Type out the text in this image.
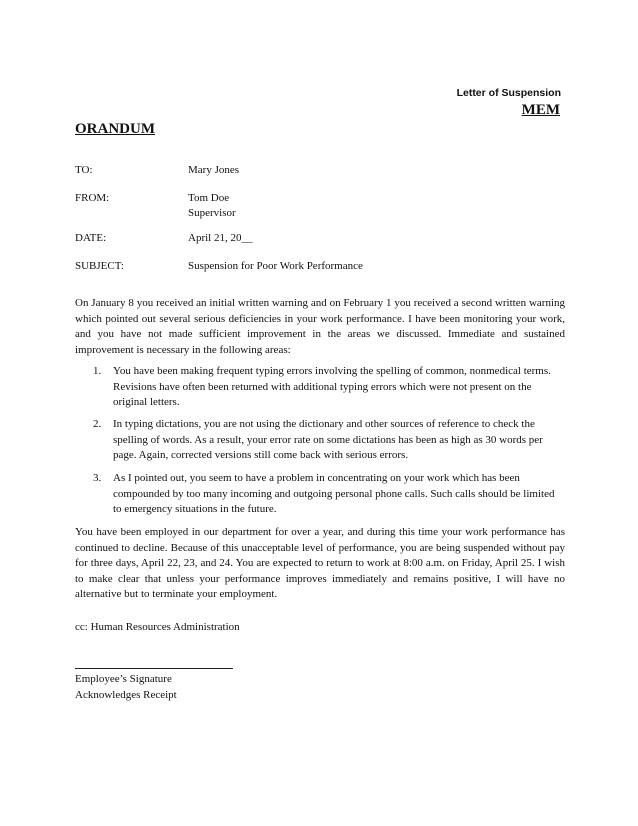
Letter of Suspension
MEM
ORANDUM
TO:	Mary Jones
FROM:	Tom Doe
Supervisor
DATE:	April 21, 20__
SUBJECT:	Suspension for Poor Work Performance
On January 8 you received an initial written warning and on February 1 you received a second written warning which pointed out several serious deficiencies in your work performance. I have been monitoring your work, and you have not made sufficient improvement in the areas we discussed. Immediate and sustained improvement is necessary in the following areas:
1. You have been making frequent typing errors involving the spelling of common, nonmedical terms. Revisions have often been returned with additional typing errors which were not present on the original letters.
2. In typing dictations, you are not using the dictionary and other sources of reference to check the spelling of words. As a result, your error rate on some dictations has been as high as 30 words per page. Again, corrected versions still come back with serious errors.
3. As I pointed out, you seem to have a problem in concentrating on your work which has been compounded by too many incoming and outgoing personal phone calls. Such calls should be limited to emergency situations in the future.
You have been employed in our department for over a year, and during this time your work performance has continued to decline. Because of this unacceptable level of performance, you are being suspended without pay for three days, April 22, 23, and 24. You are expected to return to work at 8:00 a.m. on Friday, April 25. I wish to make clear that unless your performance improves immediately and remains positive, I will have no alternative but to terminate your employment.
cc: Human Resources Administration
Employee’s Signature
Acknowledges Receipt
